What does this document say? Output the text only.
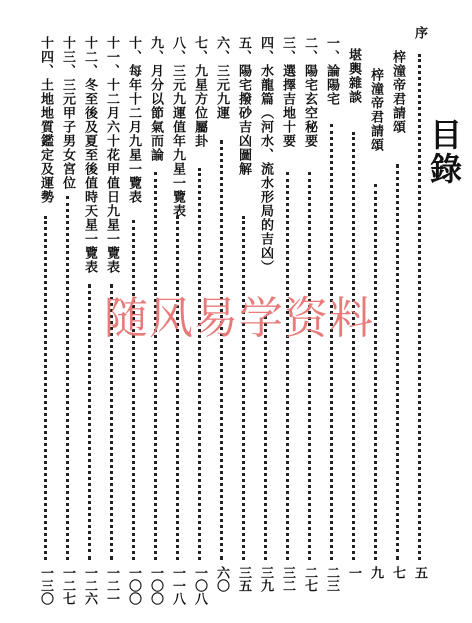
目錄
序
五
梓潼帝君請頌
七
梓潼帝君請頌
九
堪輿雜談
一
一、論陽宅
二三
二、陽宅玄空秘要
二七
三、選擇吉地十要
三二
四、水龍篇（河水、流水形局的吉凶）
三九
五、陽宅撥砂吉凶圖解
三五
六、三元九運
六〇
七、九星方位屬卦
一〇八
八、三元九運值年九星一覽表
一一八
九、月分以節氣而論
一〇〇
十、每年十二月九星一覽表
一〇〇
十一、十二月六十花甲值日九星一覽表
一二一
十二、冬至後及夏至後值時天星一覽表
一二六
十三、三元甲子男女宮位
一二七
十四、土地地質鑑定及運勢
一三〇
随风易学资料
